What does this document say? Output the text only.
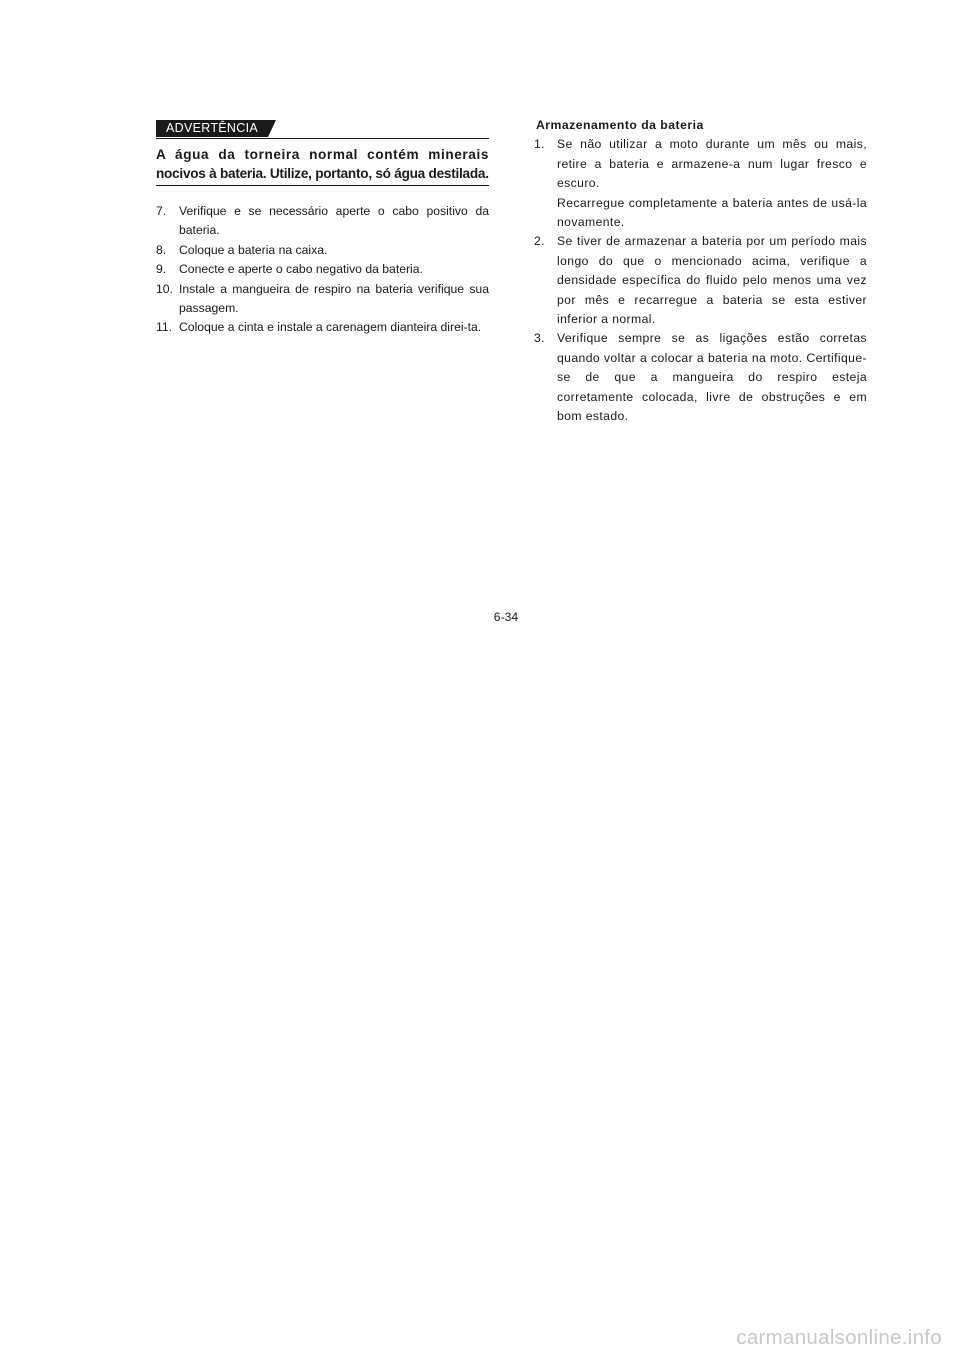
ADVERTÊNCIA
A água da torneira normal contém minerais
nocivos à bateria. Utilize, portanto, só água destilada.
7. Verifique e se necessário aperte o cabo positivo da bateria.
8. Coloque a bateria na caixa.
9. Conecte e aperte o cabo negativo da bateria.
10. Instale a mangueira de respiro na bateria verifique sua passagem.
11. Coloque a cinta e instale a carenagem dianteira direi-ta.
Armazenamento da bateria
1. Se não utilizar a moto durante um mês ou mais, retire a bateria e armazene-a num lugar fresco e escuro.

Recarregue completamente a bateria antes de usá-la novamente.

2. Se tiver de armazenar a bateria por um período mais longo do que o mencionado acima, verifique a densidade específica do fluido pelo menos uma vez por mês e recarregue a bateria se esta estiver inferior a normal.

3. Verifique sempre se as ligações estão corretas quando voltar a colocar a bateria na moto. Certifique-se de que a mangueira do respiro esteja corretamente colocada, livre de obstruções e em bom estado.

6-34
carmanualsonline.info
